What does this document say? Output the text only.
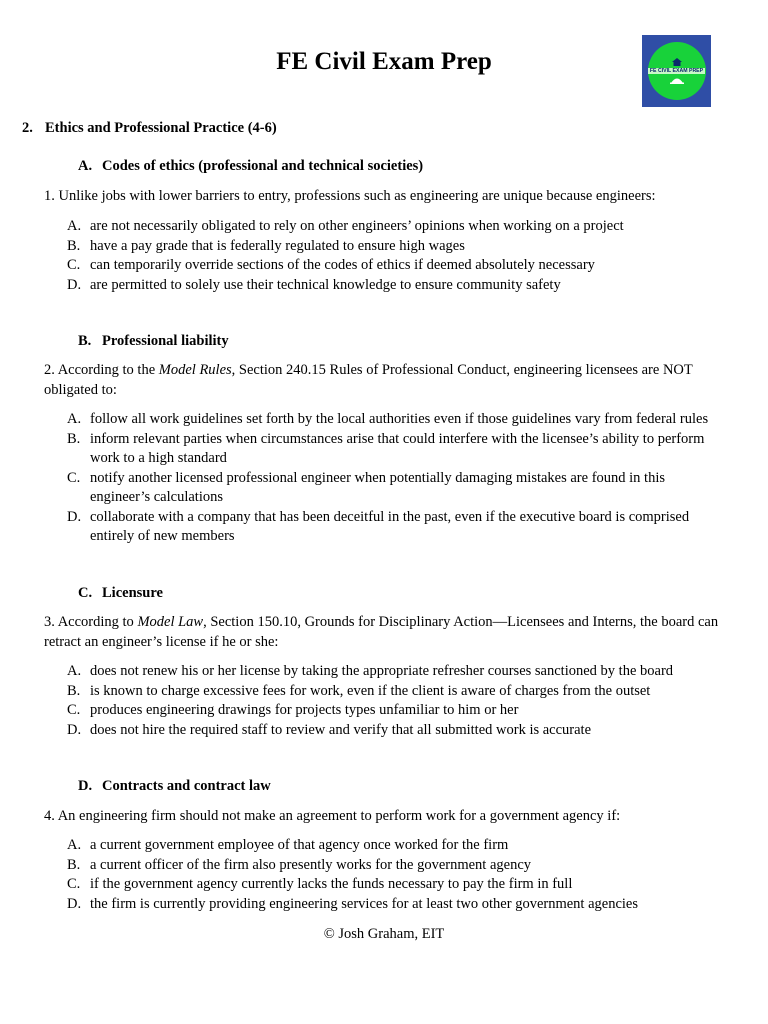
FE Civil Exam Prep	FE CIVIL EXAM PREP
2. Ethics and Professional Practice (4-6)
A. Codes of ethics (professional and technical societies)
1. Unlike jobs with lower barriers to entry, professions such as engineering are unique because engineers:
A. are not necessarily obligated to rely on other engineers’ opinions when working on a project
B. have a pay grade that is federally regulated to ensure high wages
C. can temporarily override sections of the codes of ethics if deemed absolutely necessary
D. are permitted to solely use their technical knowledge to ensure community safety
B. Professional liability
2. According to the Model Rules, Section 240.15 Rules of Professional Conduct, engineering licensees are NOT obligated to:
A. follow all work guidelines set forth by the local authorities even if those guidelines vary from federal rules
B. inform relevant parties when circumstances arise that could interfere with the licensee’s ability to perform work to a high standard
C. notify another licensed professional engineer when potentially damaging mistakes are found in this engineer’s calculations
D. collaborate with a company that has been deceitful in the past, even if the executive board is comprised entirely of new members
C. Licensure
3. According to Model Law, Section 150.10, Grounds for Disciplinary Action—Licensees and Interns, the board can retract an engineer’s license if he or she:
A. does not renew his or her license by taking the appropriate refresher courses sanctioned by the board
B. is known to charge excessive fees for work, even if the client is aware of charges from the outset
C. produces engineering drawings for projects types unfamiliar to him or her
D. does not hire the required staff to review and verify that all submitted work is accurate
D. Contracts and contract law
4. An engineering firm should not make an agreement to perform work for a government agency if:
A. a current government employee of that agency once worked for the firm
B. a current officer of the firm also presently works for the government agency
C. if the government agency currently lacks the funds necessary to pay the firm in full
D. the firm is currently providing engineering services for at least two other government agencies
© Josh Graham, EIT
